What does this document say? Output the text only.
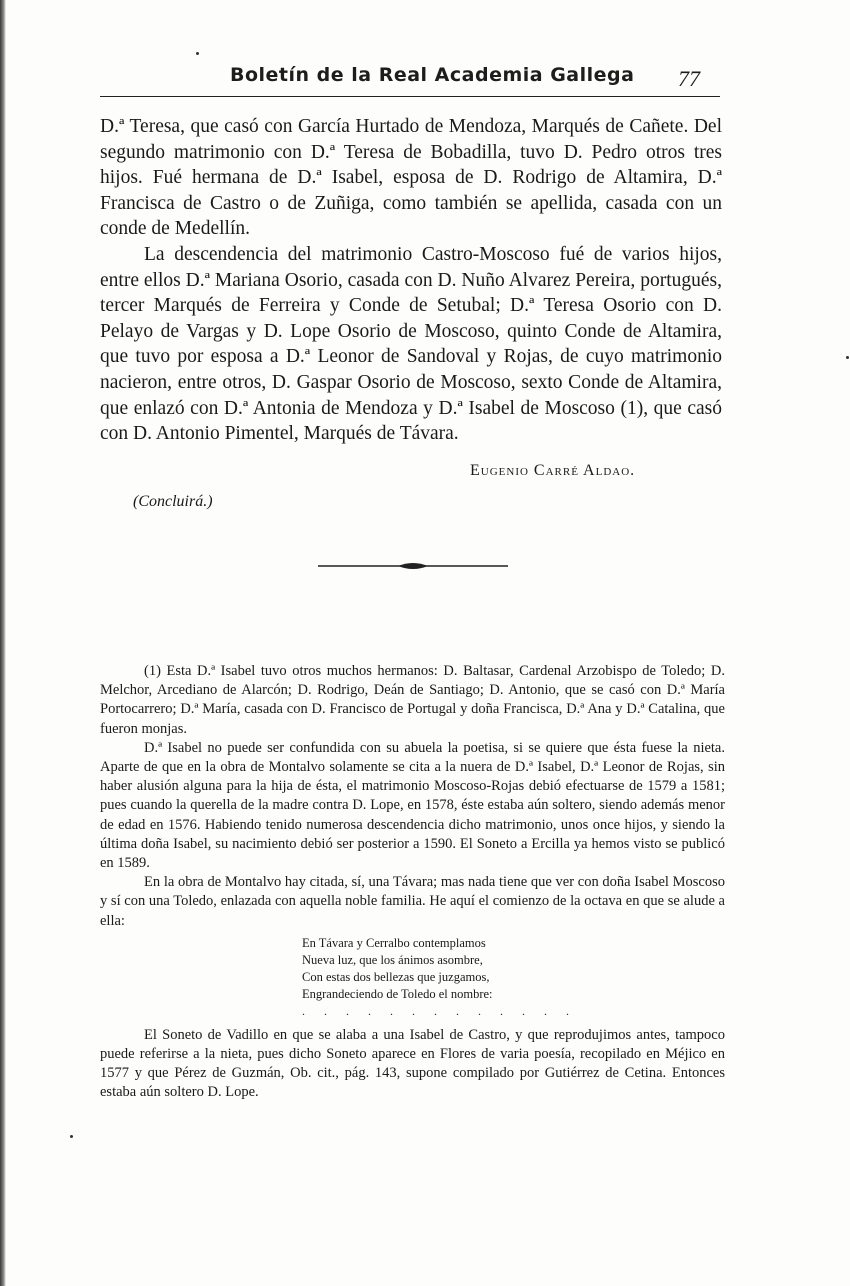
Boletín de la Real Academia Gallega 77

D.ª Teresa, que casó con García Hurtado de Mendoza, Marqués de Cañete. Del segundo matrimonio con D.ª Teresa de Bobadilla, tuvo D. Pedro otros tres hijos. Fué hermana de D.ª Isabel, esposa de D. Rodrigo de Altamira, D.ª Francisca de Castro o de Zuñiga, como también se apellida, casada con un conde de Medellín.

La descendencia del matrimonio Castro-Moscoso fué de varios hijos, entre ellos D.ª Mariana Osorio, casada con D. Nuño Alvarez Pereira, portugués, tercer Marqués de Ferreira y Conde de Setubal; D.ª Teresa Osorio con D. Pelayo de Vargas y D. Lope Osorio de Moscoso, quinto Conde de Altamira, que tuvo por esposa a D.ª Leonor de Sandoval y Rojas, de cuyo matrimonio nacieron, entre otros, D. Gaspar Osorio de Moscoso, sexto Conde de Altamira, que enlazó con D.ª Antonia de Mendoza y D.ª Isabel de Moscoso (1), que casó con D. Antonio Pimentel, Marqués de Távara.

Eugenio Carré Aldao.
(Concluirá.)

(1) Esta D.ª Isabel tuvo otros muchos hermanos: D. Baltasar, Cardenal Arzobispo de Toledo; D. Melchor, Arcediano de Alarcón; D. Rodrigo, Deán de Santiago; D. Antonio, que se casó con D.ª María Portocarrero; D.ª María, casada con D. Francisco de Portugal y doña Francisca, D.ª Ana y D.ª Catalina, que fueron monjas.

D.ª Isabel no puede ser confundida con su abuela la poetisa, si se quiere que ésta fuese la nieta. Aparte de que en la obra de Montalvo solamente se cita a la nuera de D.ª Isabel, D.ª Leonor de Rojas, sin haber alusión alguna para la hija de ésta, el matrimonio Moscoso-Rojas debió efectuarse de 1579 a 1581; pues cuando la querella de la madre contra D. Lope, en 1578, éste estaba aún soltero, siendo además menor de edad en 1576. Habiendo tenido numerosa descendencia dicho matrimonio, unos once hijos, y siendo la última doña Isabel, su nacimiento debió ser posterior a 1590. El Soneto a Ercilla ya hemos visto se publicó en 1589.

En la obra de Montalvo hay citada, sí, una Távara; mas nada tiene que ver con doña Isabel Moscoso y sí con una Toledo, enlazada con aquella noble familia. He aquí el comienzo de la octava en que se alude a ella:

En Távara y Cerralbo contemplamos
Nueva luz, que los ánimos asombre,
Con estas dos bellezas que juzgamos,
Engrandeciendo de Toledo el nombre:
. . . . . . . . . . . . .

El Soneto de Vadillo en que se alaba a una Isabel de Castro, y que reprodujimos antes, tampoco puede referirse a la nieta, pues dicho Soneto aparece en Flores de varia poesía, recopilado en Méjico en 1577 y que Pérez de Guzmán, Ob. cit., pág. 143, supone compilado por Gutiérrez de Cetina. Entonces estaba aún soltero D. Lope.
